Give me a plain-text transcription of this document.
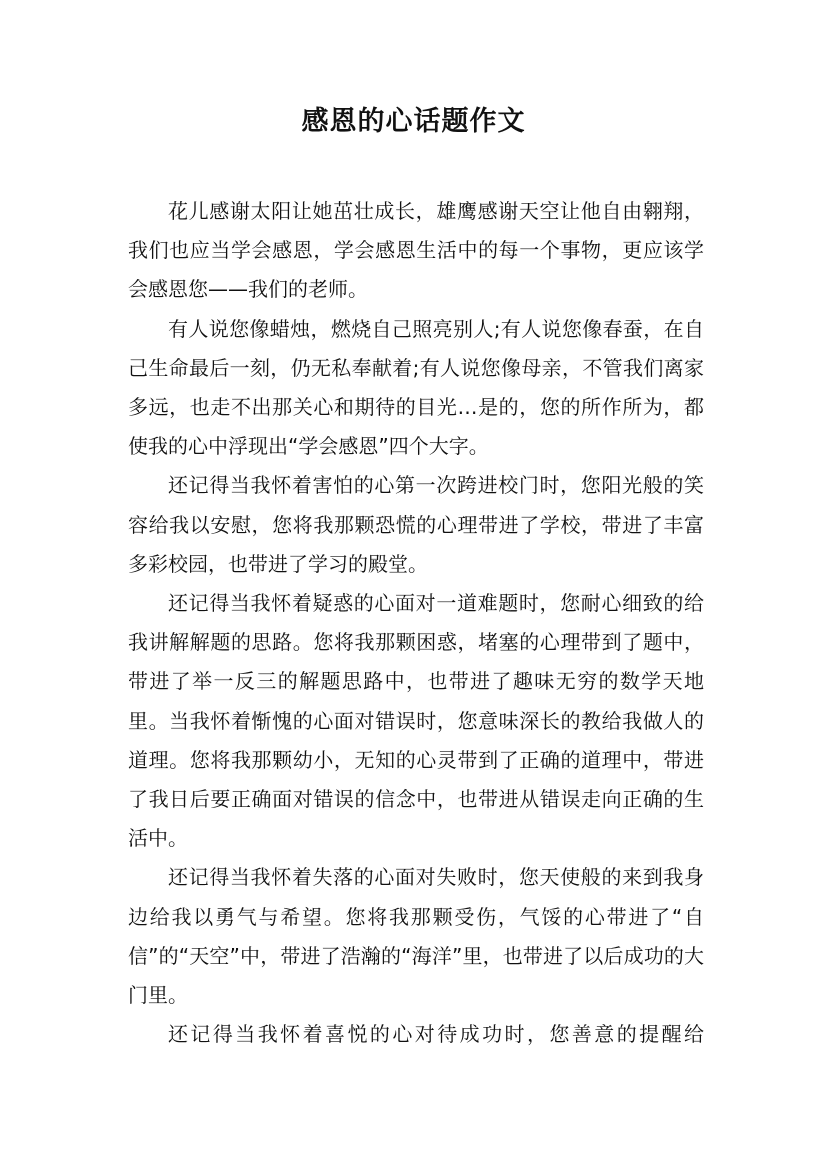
感恩的心话题作文

花儿感谢太阳让她茁壮成长，雄鹰感谢天空让他自由翱翔，我们也应当学会感恩，学会感恩生活中的每一个事物，更应该学会感恩您——我们的老师。

有人说您像蜡烛，燃烧自己照亮别人;有人说您像春蚕，在自己生命最后一刻，仍无私奉献着;有人说您像母亲，不管我们离家多远，也走不出那关心和期待的目光…是的，您的所作所为，都使我的心中浮现出“学会感恩”四个大字。

还记得当我怀着害怕的心第一次跨进校门时，您阳光般的笑容给我以安慰，您将我那颗恐慌的心理带进了学校，带进了丰富多彩校园，也带进了学习的殿堂。

还记得当我怀着疑惑的心面对一道难题时，您耐心细致的给我讲解解题的思路。您将我那颗困惑，堵塞的心理带到了题中，带进了举一反三的解题思路中，也带进了趣味无穷的数学天地里。当我怀着惭愧的心面对错误时，您意味深长的教给我做人的道理。您将我那颗幼小，无知的心灵带到了正确的道理中，带进了我日后要正确面对错误的信念中，也带进从错误走向正确的生活中。

还记得当我怀着失落的心面对失败时，您天使般的来到我身边给我以勇气与希望。您将我那颗受伤，气馁的心带进了“自信”的“天空”中，带进了浩瀚的“海洋”里，也带进了以后成功的大门里。

还记得当我怀着喜悦的心对待成功时，您善意的提醒给
